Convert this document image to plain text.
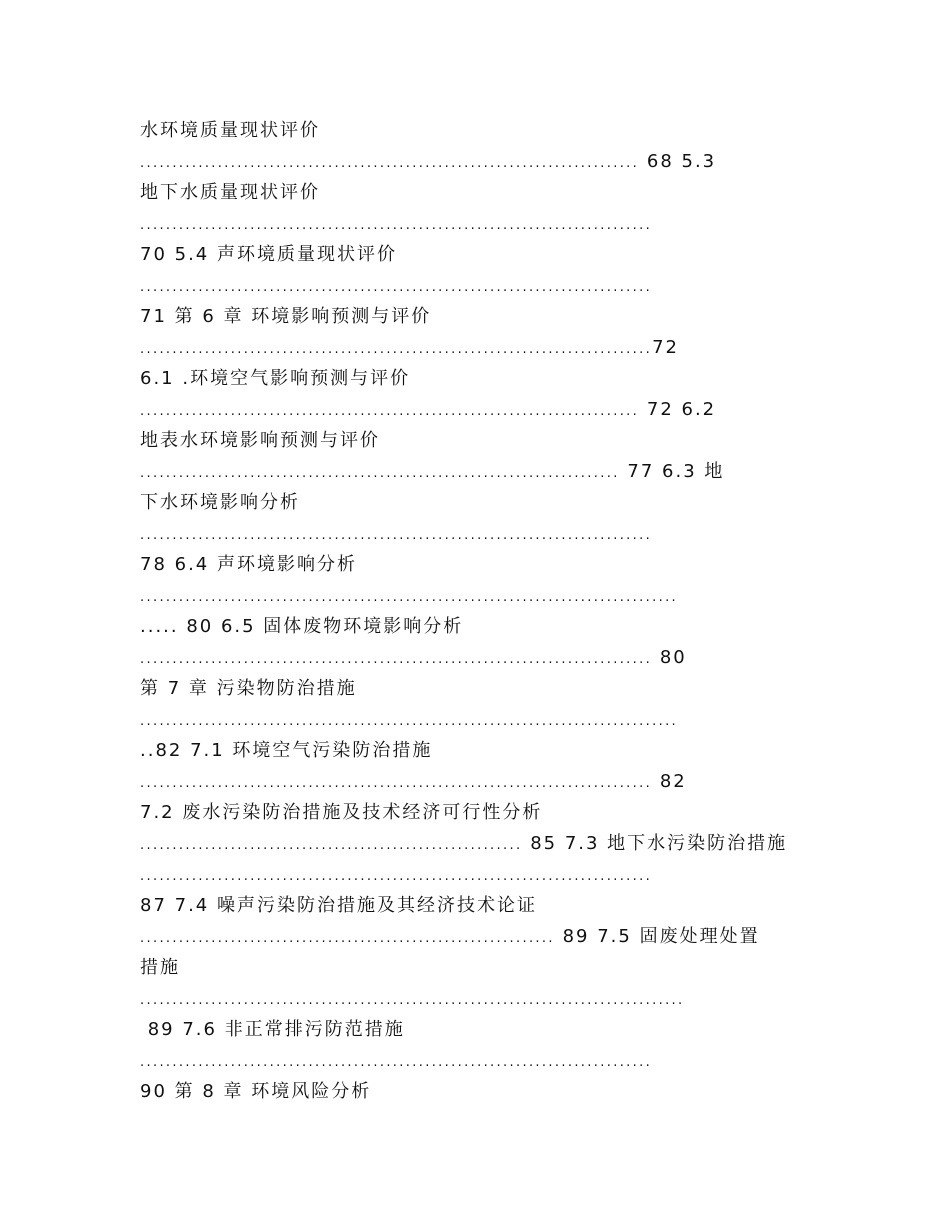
水环境质量现状评价
............................................................................. 68 5.3
地下水质量现状评价
...............................................................................
70 5.4 声环境质量现状评价
...............................................................................
71 第 6 章 环境影响预测与评价
...............................................................................72
6.1 .环境空气影响预测与评价
............................................................................. 72 6.2
地表水环境影响预测与评价
.......................................................................... 77 6.3 地
下水环境影响分析
...............................................................................
78 6.4 声环境影响分析
...................................................................................
..... 80 6.5 固体废物环境影响分析
............................................................................... 80
第 7 章 污染物防治措施
...................................................................................
..82 7.1 环境空气污染防治措施
............................................................................... 82
7.2 废水污染防治措施及技术经济可行性分析
........................................................... 85 7.3 地下水污染防治措施
...............................................................................
87 7.4 噪声污染防治措施及其经济技术论证
................................................................ 89 7.5 固废处理处置
措施
....................................................................................
89 7.6 非正常排污防范措施
...............................................................................
90 第 8 章 环境风险分析
